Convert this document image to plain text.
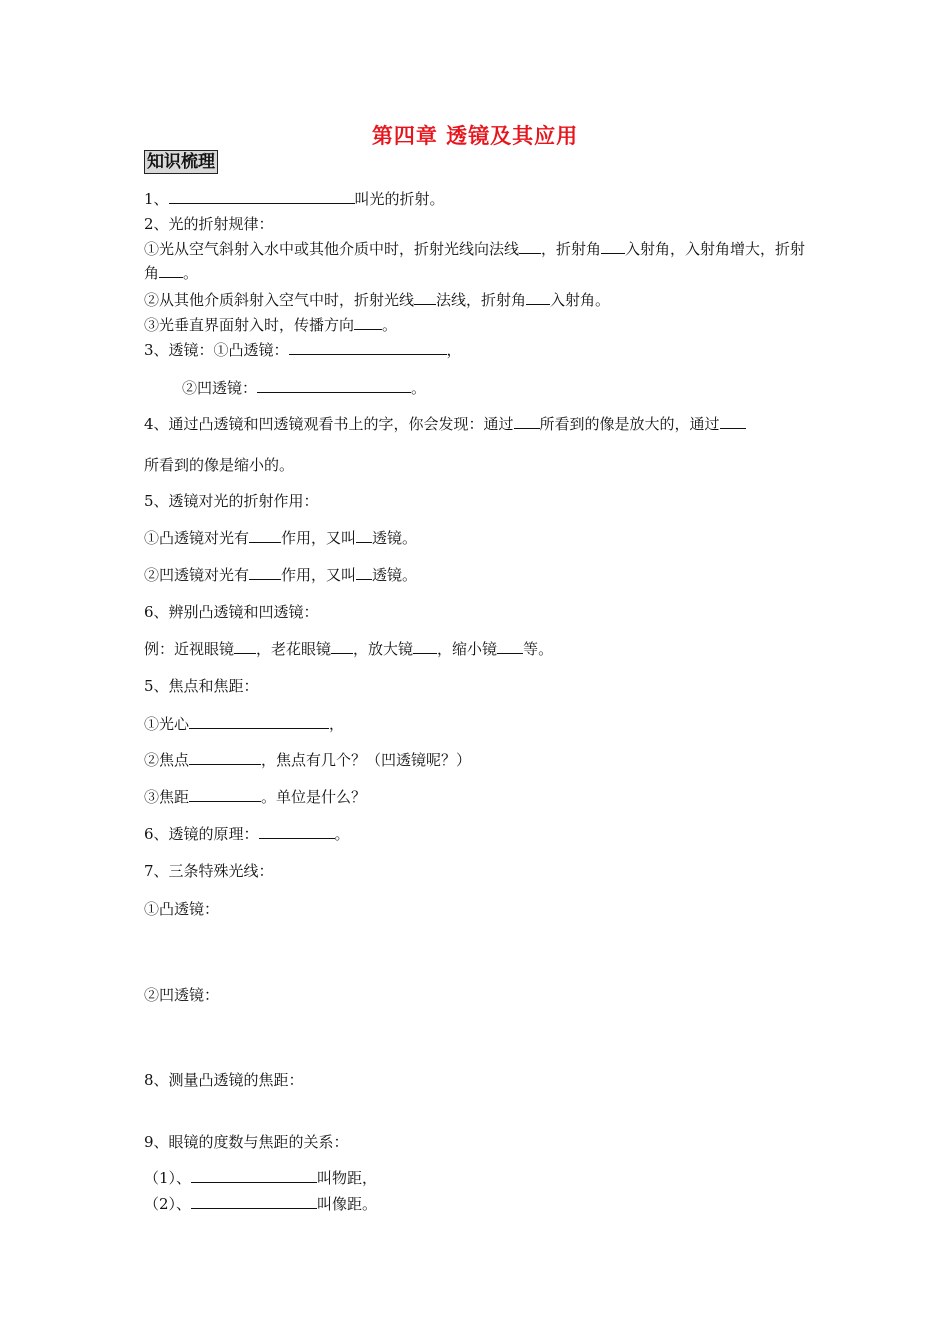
第四章 透镜及其应用
知识梳理
1、	叫光的折射。
2、光的折射规律：
①光从空气斜射入水中或其他介质中时，折射光线向法线 ，折射角 入射角，入射角增大，折射角 。
②从其他介质斜射入空气中时，折射光线 法线，折射角 入射角。
③光垂直界面射入时，传播方向 。
3、透镜：①凸透镜：	，
②凹透镜：	。
4、通过凸透镜和凹透镜观看书上的字，你会发现：通过 所看到的像是放大的，通过
所看到的像是缩小的。
5、透镜对光的折射作用：
①凸透镜对光有 作用，又叫 透镜。
②凹透镜对光有 作用，又叫 透镜。
6、辨别凸透镜和凹透镜：
例：近视眼镜 ，老花眼镜 ，放大镜 ，缩小镜 等。
5、焦点和焦距：
①光心	，
②焦点	，焦点有几个？（凹透镜呢？）
③焦距	。单位是什么？
6、透镜的原理：	。
7、三条特殊光线：
①凸透镜：
②凹透镜：
8、测量凸透镜的焦距：
9、眼镜的度数与焦距的关系：
（1）、	叫物距，
（2）、	叫像距。
